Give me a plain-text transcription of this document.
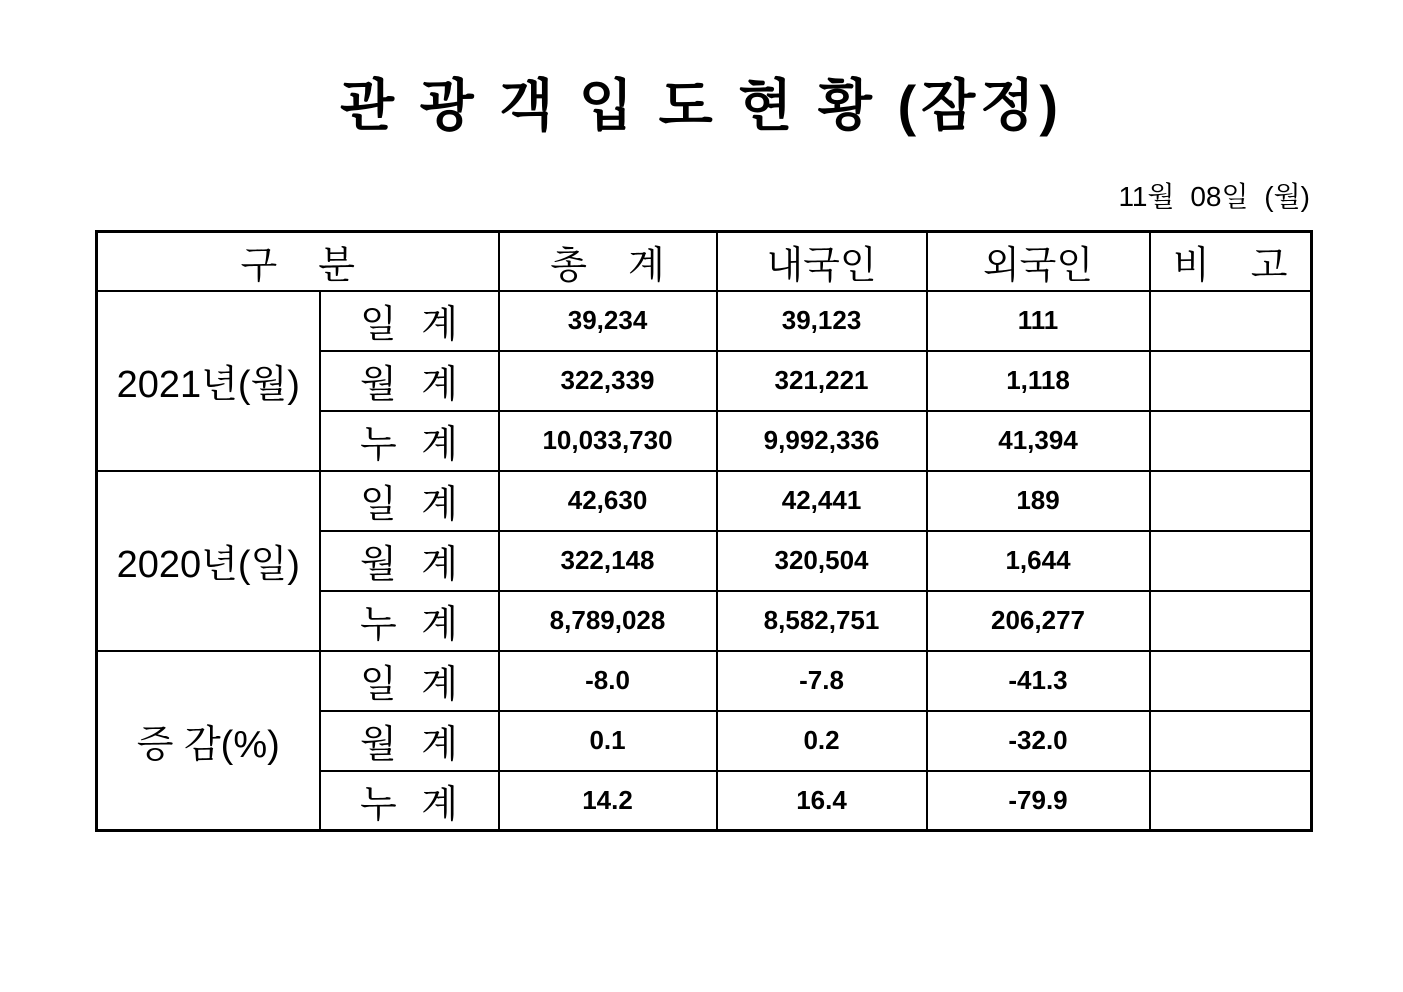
관 광 객 입 도 현 황 (잠정)
11월 08일 (월)
구  분		총  계	내국인	외국인	비  고
2021년(월)	일 계	39,234	39,123	111	
	월 계	322,339	321,221	1,118	
	누 계	10,033,730	9,992,336	41,394	
2020년(일)	일 계	42,630	42,441	189	
	월 계	322,148	320,504	1,644	
	누 계	8,789,028	8,582,751	206,277	
증 감(%)	일 계	-8.0	-7.8	-41.3	
	월 계	0.1	0.2	-32.0	
	누 계	14.2	16.4	-79.9	
